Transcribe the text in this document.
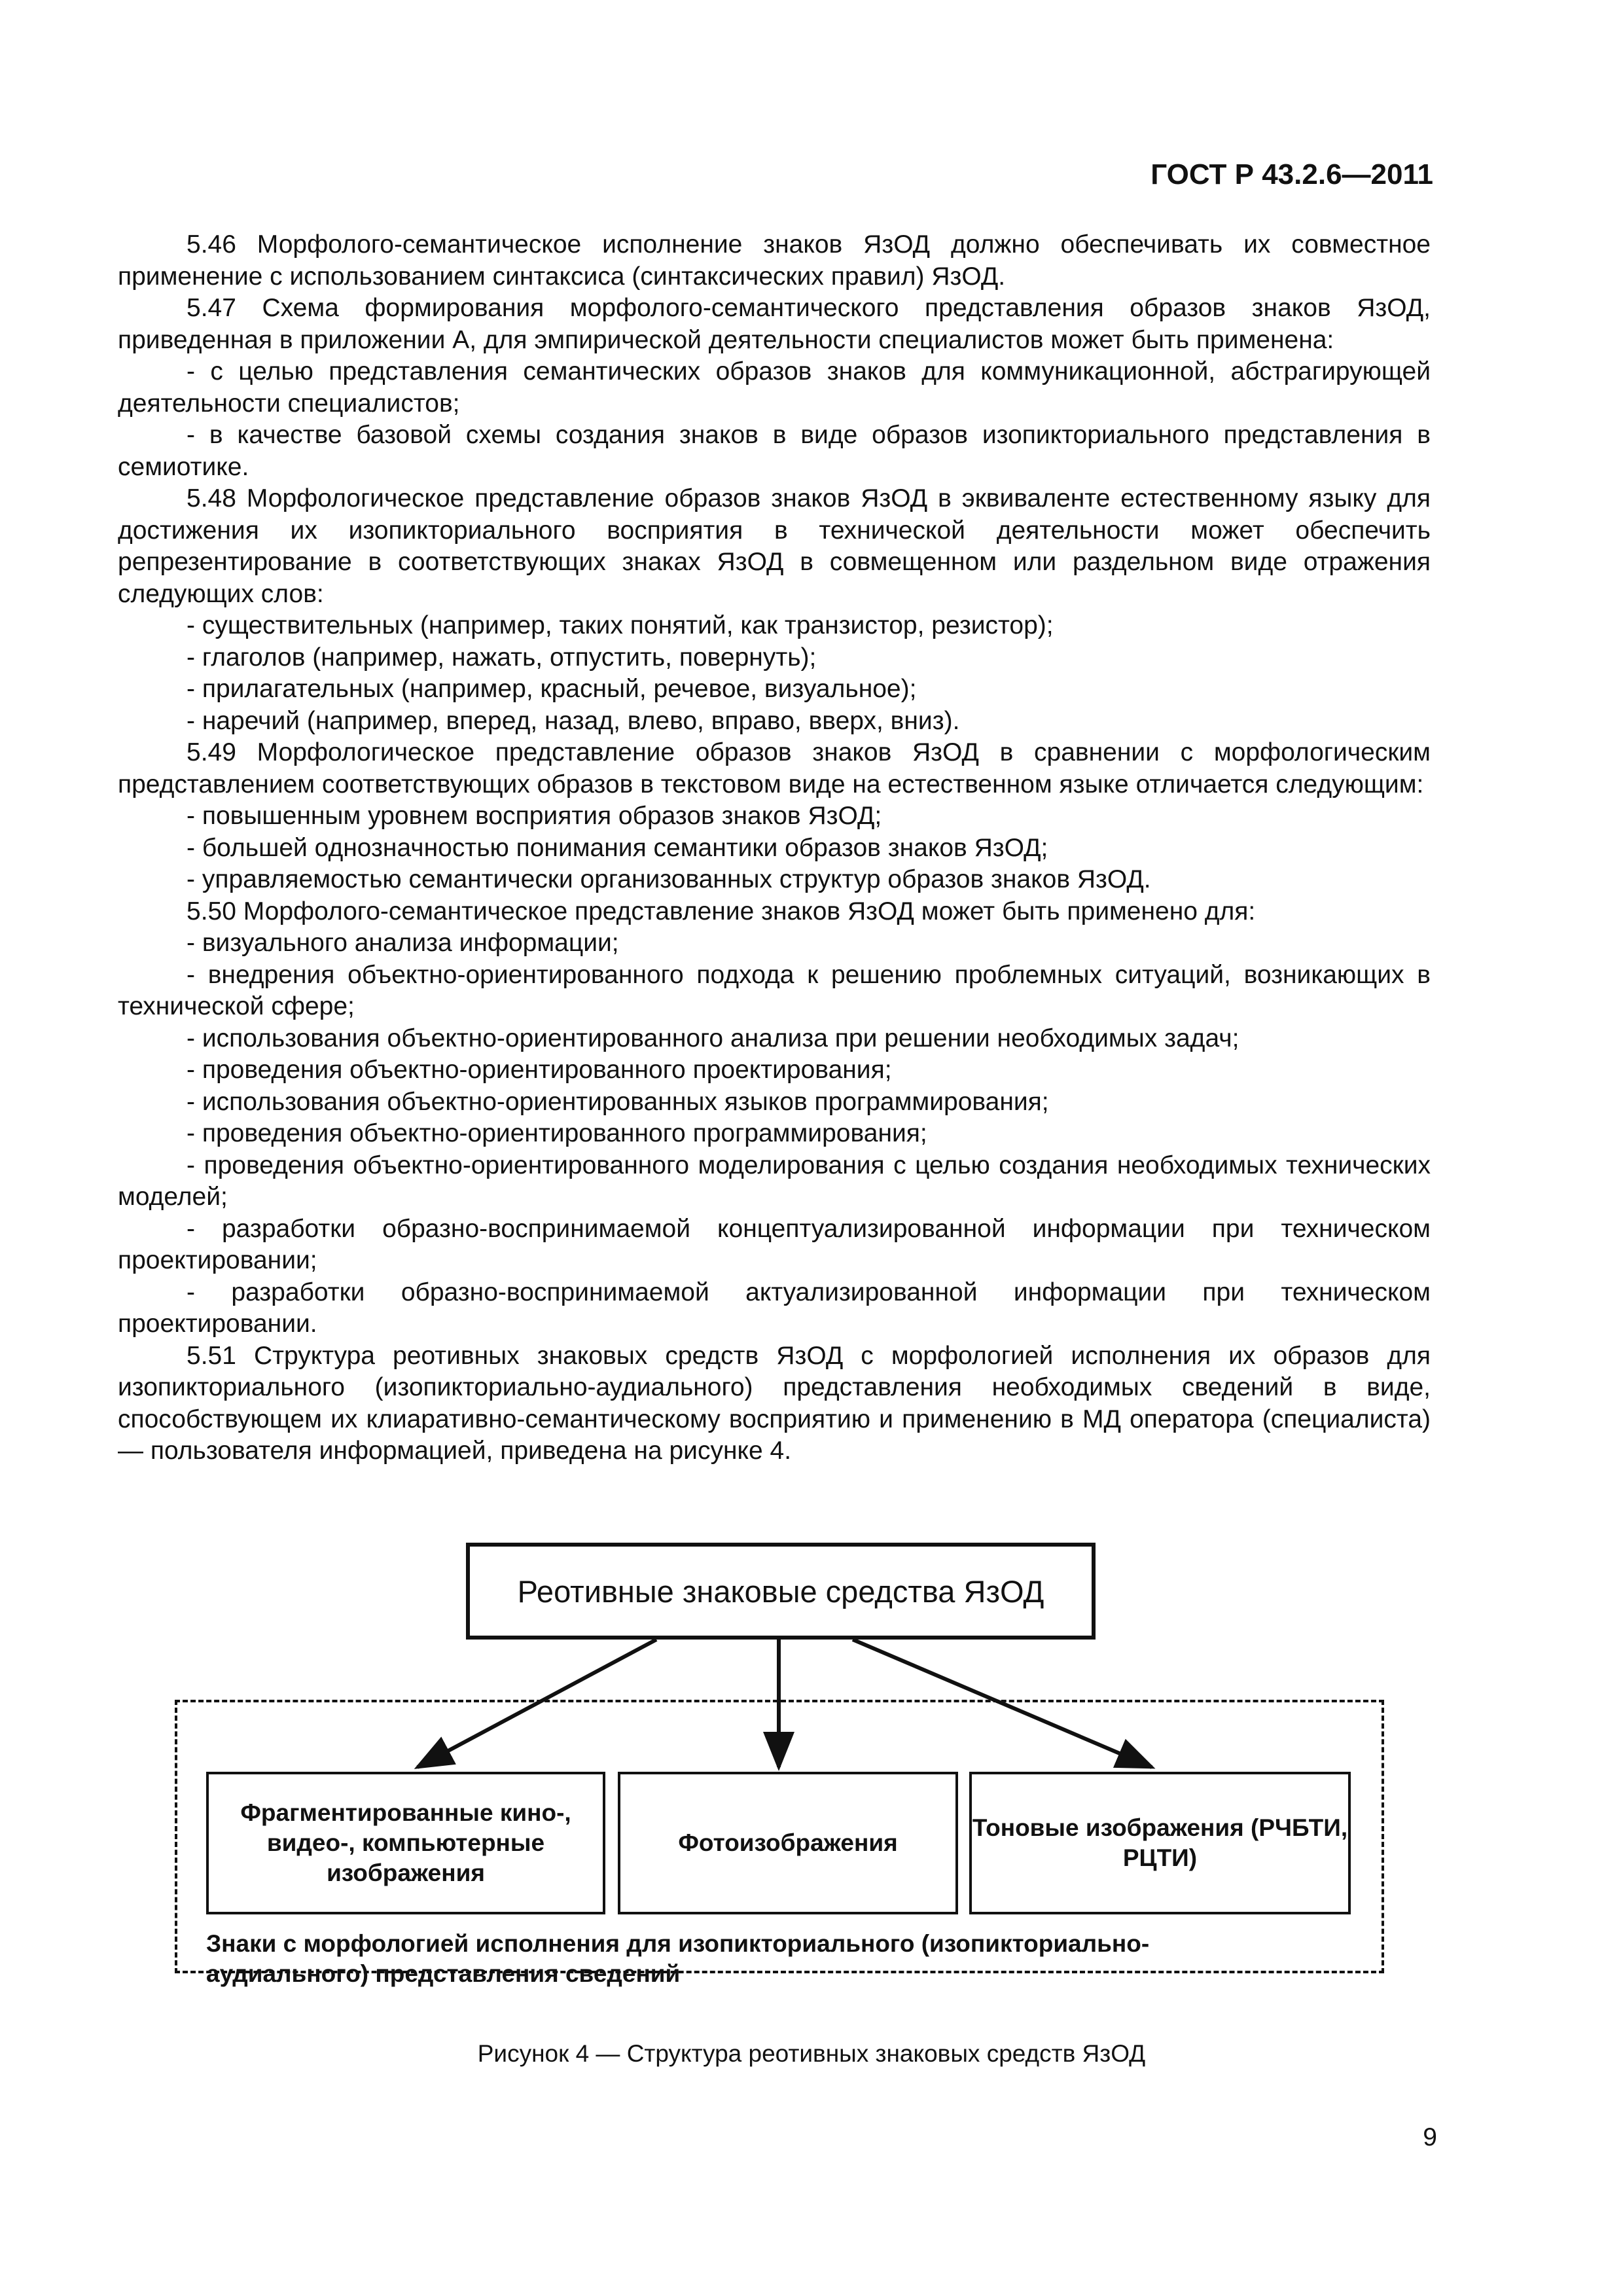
ГОСТ Р 43.2.6—2011

5.46 Морфолого-семантическое исполнение знаков ЯзОД должно обеспечивать их совместное применение с использованием синтаксиса (синтаксических правил) ЯзОД.

5.47 Схема формирования морфолого-семантического представления образов знаков ЯзОД, приведенная в приложении А, для эмпирической деятельности специалистов может быть применена:

- с целью представления семантических образов знаков для коммуникационной, абстрагирующей деятельности специалистов;

- в качестве базовой схемы создания знаков в виде образов изопикториального представления в семиотике.

5.48 Морфологическое представление образов знаков ЯзОД в эквиваленте естественному языку для достижения их изопикториального восприятия в технической деятельности может обеспечить репрезентирование в соответствующих знаках ЯзОД в совмещенном или раздельном виде отражения следующих слов:

- существительных (например, таких понятий, как транзистор, резистор);

- глаголов (например, нажать, отпустить, повернуть);

- прилагательных (например, красный, речевое, визуальное);

- наречий (например, вперед, назад, влево, вправо, вверх, вниз).

5.49 Морфологическое представление образов знаков ЯзОД в сравнении с морфологическим представлением соответствующих образов в текстовом виде на естественном языке отличается следующим:

- повышенным уровнем восприятия образов знаков ЯзОД;

- большей однозначностью понимания семантики образов знаков ЯзОД;

- управляемостью семантически организованных структур образов знаков ЯзОД.

5.50 Морфолого-семантическое представление знаков ЯзОД может быть применено для:

- визуального анализа информации;

- внедрения объектно-ориентированного подхода к решению проблемных ситуаций, возникающих в технической сфере;

- использования объектно-ориентированного анализа при решении необходимых задач;

- проведения объектно-ориентированного проектирования;

- использования объектно-ориентированных языков программирования;

- проведения объектно-ориентированного программирования;

- проведения объектно-ориентированного моделирования с целью создания необходимых технических моделей;

- разработки образно-воспринимаемой концептуализированной информации при техническом проектировании;

- разработки образно-воспринимаемой актуализированной информации при техническом проектировании.

5.51 Структура реотивных знаковых средств ЯзОД с морфологией исполнения их образов для изопикториального (изопикториально-аудиального) представления необходимых сведений в виде, способствующем их клиаративно-семантическому восприятию и применению в МД оператора (специалиста) — пользователя информацией, приведена на рисунке 4.

Реотивные знаковые средства ЯзОД
Фрагментированные кино-, видео-, компьютерные изображения
Фотоизображения
Тоновые изображения (РЧБТИ, РЦТИ)
Знаки с морфологией исполнения для изопикториального (изопикториально-аудиального) представления сведений
Рисунок 4 — Структура реотивных знаковых средств ЯзОД
9
